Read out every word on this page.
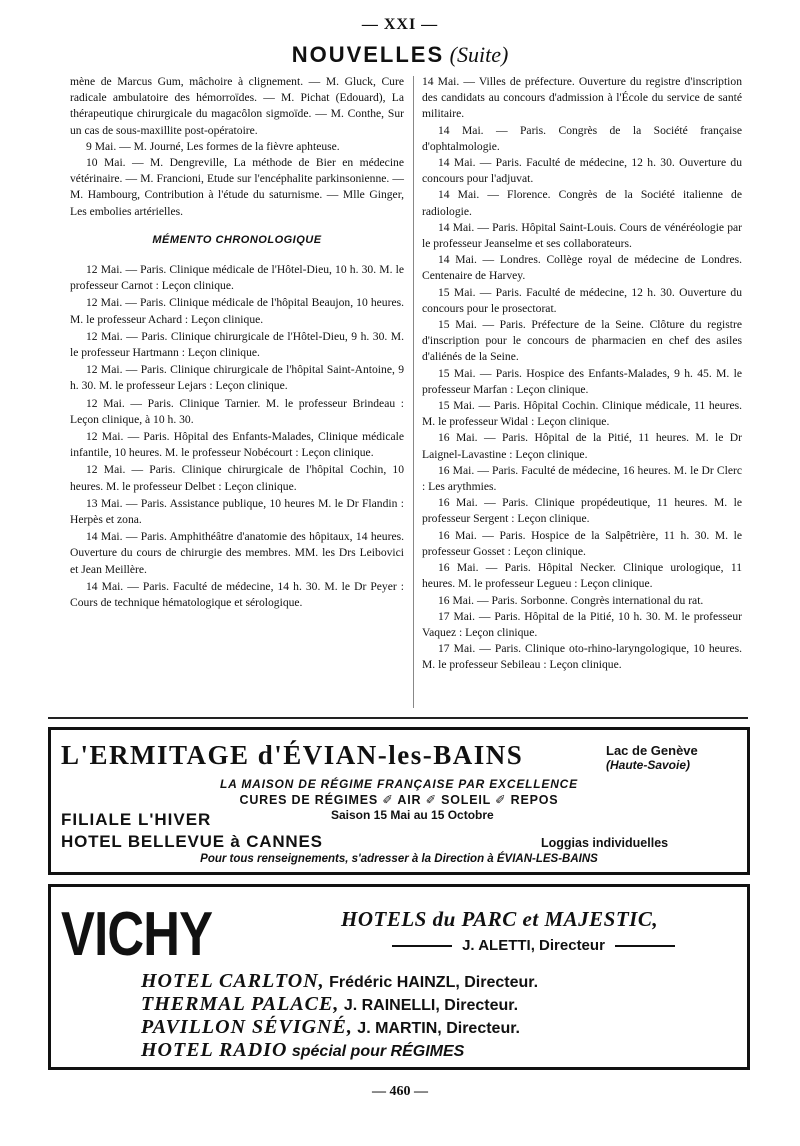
— XXI —
NOUVELLES (Suite)

mène de Marcus Gum, mâchoire à clignement. — M. Gluck, Cure radicale ambulatoire des hémorroïdes. — M. Pichat (Edouard), La thérapeutique chirurgicale du magacôlon sigmoïde. — M. Conthe, Sur un cas de sous-maxillite post-opératoire.

9 Mai. — M. Journé, Les formes de la fièvre aphteuse.

10 Mai. — M. Dengreville, La méthode de Bier en médecine vétérinaire. — M. Francioni, Etude sur l'encéphalite parkinsonienne. — M. Hambourg, Contribution à l'étude du saturnisme. — Mlle Ginger, Les embolies artérielles.

MÉMENTO CHRONOLOGIQUE

12 Mai. — Paris. Clinique médicale de l'Hôtel-Dieu, 10 h. 30. M. le professeur Carnot : Leçon clinique.

12 Mai. — Paris. Clinique médicale de l'hôpital Beaujon, 10 heures. M. le professeur Achard : Leçon clinique.

12 Mai. — Paris. Clinique chirurgicale de l'Hôtel-Dieu, 9 h. 30. M. le professeur Hartmann : Leçon clinique.

12 Mai. — Paris. Clinique chirurgicale de l'hôpital Saint-Antoine, 9 h. 30. M. le professeur Lejars : Leçon clinique.

12 Mai. — Paris. Clinique Tarnier. M. le professeur Brindeau : Leçon clinique, à 10 h. 30.

12 Mai. — Paris. Hôpital des Enfants-Malades, Clinique médicale infantile, 10 heures. M. le professeur Nobécourt : Leçon clinique.

12 Mai. — Paris. Clinique chirurgicale de l'hôpital Cochin, 10 heures. M. le professeur Delbet : Leçon clinique.

13 Mai. — Paris. Assistance publique, 10 heures M. le Dr Flandin : Herpès et zona.

14 Mai. — Paris. Amphithéâtre d'anatomie des hôpitaux, 14 heures. Ouverture du cours de chirurgie des membres. MM. les Drs Leibovici et Jean Meillère.

14 Mai. — Paris. Faculté de médecine, 14 h. 30. M. le Dr Peyer : Cours de technique hématologique et sérologique.

14 Mai. — Villes de préfecture. Ouverture du registre d'inscription des candidats au concours d'admission à l'École du service de santé militaire.

14 Mai. — Paris. Congrès de la Société française d'ophtalmologie.

14 Mai. — Paris. Faculté de médecine, 12 h. 30. Ouverture du concours pour l'adjuvat.

14 Mai. — Florence. Congrès de la Société italienne de radiologie.

14 Mai. — Paris. Hôpital Saint-Louis. Cours de vénéréologie par le professeur Jeanselme et ses collaborateurs.

14 Mai. — Londres. Collège royal de médecine de Londres. Centenaire de Harvey.

15 Mai. — Paris. Faculté de médecine, 12 h. 30. Ouverture du concours pour le prosectorat.

15 Mai. — Paris. Préfecture de la Seine. Clôture du registre d'inscription pour le concours de pharmacien en chef des asiles d'aliénés de la Seine.

15 Mai. — Paris. Hospice des Enfants-Malades, 9 h. 45. M. le professeur Marfan : Leçon clinique.

15 Mai. — Paris. Hôpital Cochin. Clinique médicale, 11 heures. M. le professeur Widal : Leçon clinique.

16 Mai. — Paris. Hôpital de la Pitié, 11 heures. M. le Dr Laignel-Lavastine : Leçon clinique.

16 Mai. — Paris. Faculté de médecine, 16 heures. M. le Dr Clerc : Les arythmies.

16 Mai. — Paris. Clinique propédeutique, 11 heures. M. le professeur Sergent : Leçon clinique.

16 Mai. — Paris. Hospice de la Salpêtrière, 11 h. 30. M. le professeur Gosset : Leçon clinique.

16 Mai. — Paris. Hôpital Necker. Clinique urologique, 11 heures. M. le professeur Legueu : Leçon clinique.

16 Mai. — Paris. Sorbonne. Congrès international du rat.

17 Mai. — Paris. Hôpital de la Pitié, 10 h. 30. M. le professeur Vaquez : Leçon clinique.

17 Mai. — Paris. Clinique oto-rhino-laryngologique, 10 heures. M. le professeur Sebileau : Leçon clinique.

L'ERMITAGE d'ÉVIAN-les-BAINS	Lac de Genève
(Haute-Savoie)
LA MAISON DE RÉGIME FRANÇAISE PAR EXCELLENCE
CURES DE RÉGIMES ✐ AIR ✐ SOLEIL ✐ REPOS
FILIALE L'HIVER	Saison 15 Mai au 15 Octobre
HOTEL BELLEVUE à CANNES	Loggias individuelles
Pour tous renseignements, s'adresser à la Direction à ÉVIAN-LES-BAINS
VICHY	HOTELS du PARC et MAJESTIC,
J. ALETTI, Directeur
HOTEL CARLTON, Frédéric HAINZL, Directeur.
THERMAL PALACE, J. RAINELLI, Directeur.
PAVILLON SÉVIGNÉ, J. MARTIN, Directeur.
HOTEL RADIO spécial pour RÉGIMES
— 460 —
